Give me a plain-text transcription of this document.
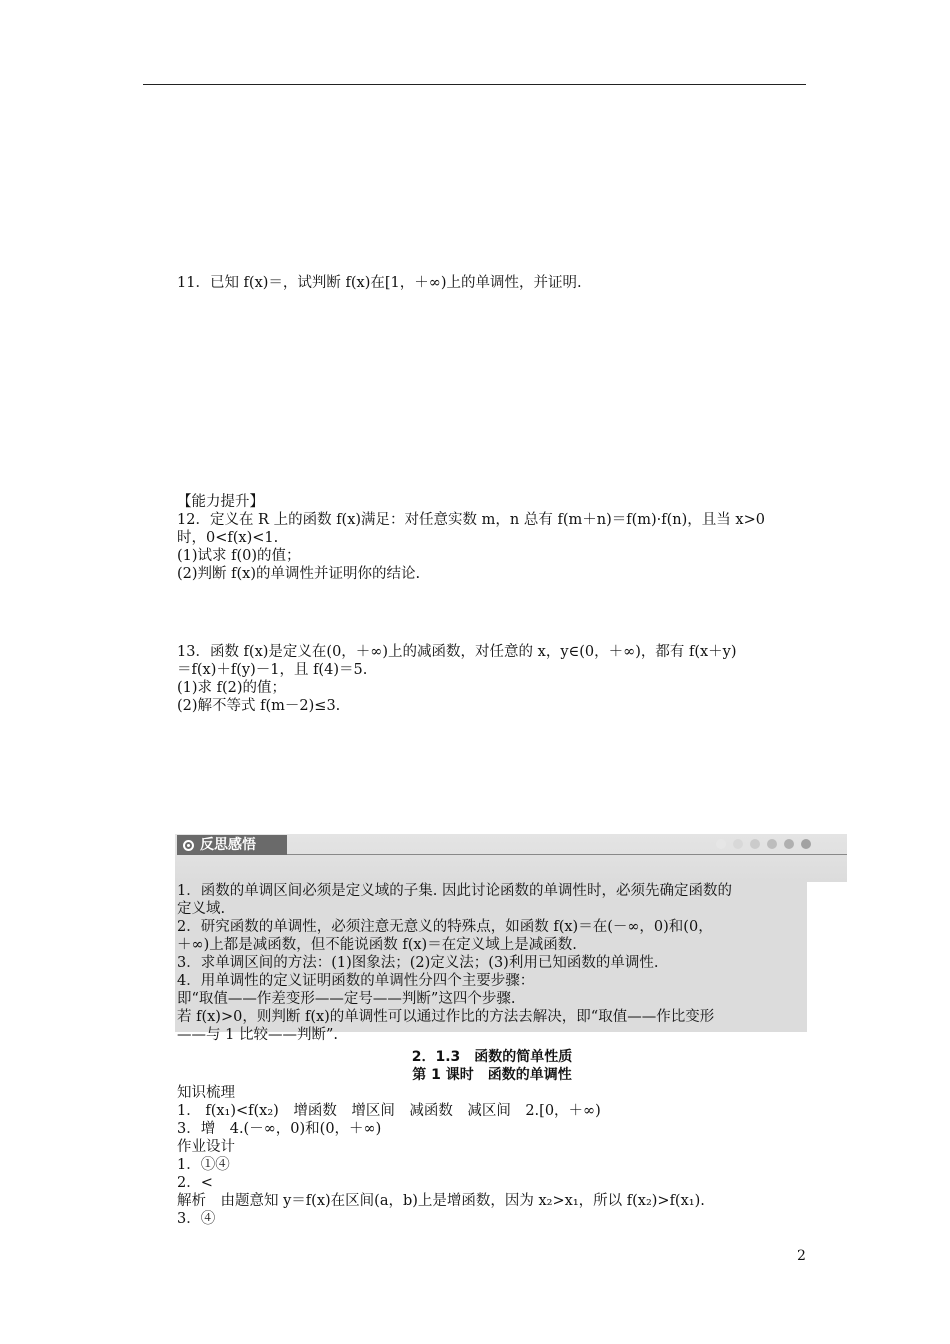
11．已知 f(x)＝，试判断 f(x)在[1，＋∞)上的单调性，并证明.
【能力提升】
12．定义在 R 上的函数 f(x)满足：对任意实数 m，n 总有 f(m＋n)＝f(m)·f(n)，且当 x>0
时，0<f(x)<1.
(1)试求 f(0)的值；
(2)判断 f(x)的单调性并证明你的结论.
13．函数 f(x)是定义在(0，＋∞)上的减函数，对任意的 x，y∈(0，＋∞)，都有 f(x＋y)
＝f(x)＋f(y)－1，且 f(4)＝5.
(1)求 f(2)的值；
(2)解不等式 f(m－2)≤3.
反思感悟
1．函数的单调区间必须是定义域的子集. 因此讨论函数的单调性时，必须先确定函数的
定义域.
2．研究函数的单调性，必须注意无意义的特殊点，如函数 f(x)＝在(－∞，0)和(0，
＋∞)上都是减函数，但不能说函数 f(x)＝在定义域上是减函数.
3．求单调区间的方法：(1)图象法；(2)定义法；(3)利用已知函数的单调性.
4．用单调性的定义证明函数的单调性分四个主要步骤：
即“取值——作差变形——定号——判断”这四个步骤.
若 f(x)>0，则判断 f(x)的单调性可以通过作比的方法去解决，即“取值——作比变形
——与 1 比较——判断”.
2．1.3　函数的简单性质
第 1 课时　函数的单调性
知识梳理
1． f(x₁)<f(x₂)　增函数　增区间　减函数　减区间　2.[0，＋∞)
3．增　4.(－∞，0)和(0，＋∞)
作业设计
1．①④
2．<
解析　由题意知 y＝f(x)在区间(a，b)上是增函数，因为 x₂>x₁，所以 f(x₂)>f(x₁).
3．④
2
